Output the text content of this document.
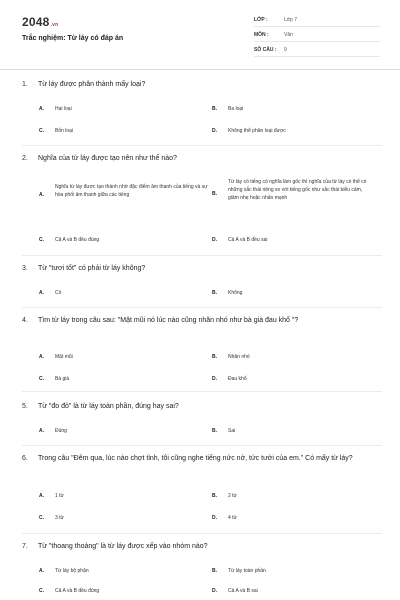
2048.vn
Trắc nghiệm: Từ láy có đáp án
LỚP :	Lớp 7
MÔN :	Văn
SỐ CÂU : 9
1.	Từ láy được phân thành mấy loại?
A.	Hai loại	B.	Ba loại
C.	Bốn loại	D.	Không thể phân loại được
2.	Nghĩa của từ láy được tạo nên như thế nào?
A.
Nghĩa từ láy được tạo thành nhờ đặc điểm âm thanh của tiếng và sự hòa phối âm thanh giữa các tiếng	B.
Từ láy có tiếng có nghĩa làm gốc thì nghĩa của từ láy có thể có những sắc thái riêng so với tiếng gốc như sắc thái biểu cảm, giảm nhẹ hoặc nhấn mạnh
C.	Cả A và B đều đúng	D.	Cả A và B đều sai
3.	Từ "tươi tốt" có phải từ láy không?
A.	Có	B.	Không
4.	Tìm từ láy trong câu sau: "Mặt mũi nó lúc nào cũng nhăn nhó như bà già đau khổ "?
A.	Mặt mũi	B.	Nhăn nhó
C.	Bà già	D.	Đau khổ
5.	Từ "đo đỏ" là từ láy toàn phần, đúng hay sai?
A.	Đúng	B.	Sai
6.	Trong câu "Đêm qua, lúc nào chợt tỉnh, tôi cũng nghe tiếng nức nở, tức tưởi của em." Có mấy từ láy?
A.	1 từ	B.	2 từ
C.	3 từ	D.	4 từ
7.	Từ "thoang thoảng" là từ láy được xếp vào nhóm nào?
A.	Từ láy bộ phận	B.	Từ láy toàn phần
C.	Cả A và B đều đúng	D.	Cả A và B sai
